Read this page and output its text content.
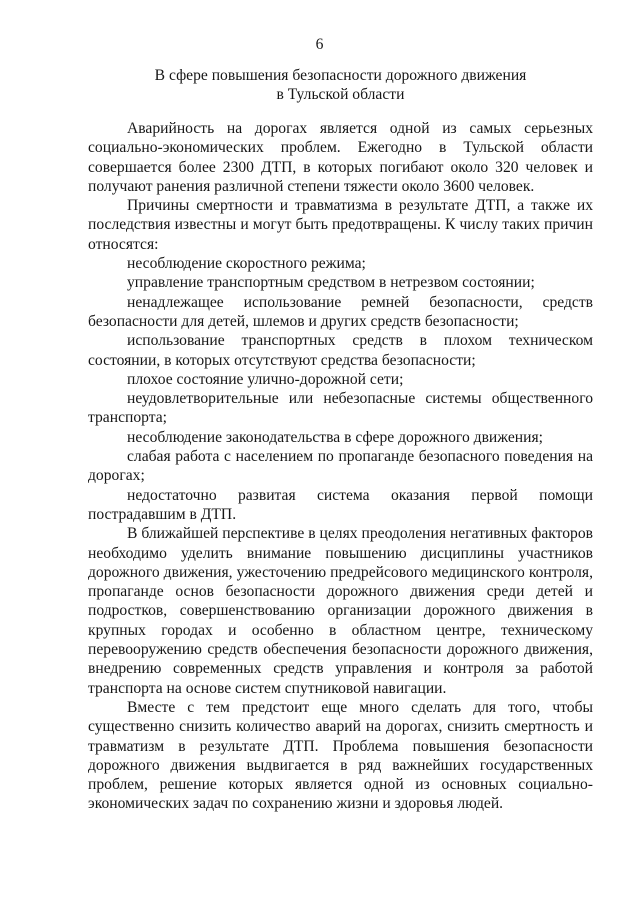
6
В сфере повышения безопасности дорожного движения
в Тульской области

Аварийность на дорогах является одной из самых серьезных социально-экономических проблем. Ежегодно в Тульской области совершается более 2300 ДТП, в которых погибают около 320 человек и получают ранения различной степени тяжести около 3600 человек.

Причины смертности и травматизма в результате ДТП, а также их последствия известны и могут быть предотвращены. К числу таких причин относятся:

несоблюдение скоростного режима;

управление транспортным средством в нетрезвом состоянии;

ненадлежащее использование ремней безопасности, средств безопасности для детей, шлемов и других средств безопасности;

использование транспортных средств в плохом техническом состоянии, в которых отсутствуют средства безопасности;

плохое состояние улично-дорожной сети;

неудовлетворительные или небезопасные системы общественного транспорта;

несоблюдение законодательства в сфере дорожного движения;

слабая работа с населением по пропаганде безопасного поведения на дорогах;

недостаточно развитая система оказания первой помощи пострадавшим в ДТП.

В ближайшей перспективе в целях преодоления негативных факторов необходимо уделить внимание повышению дисциплины участников дорожного движения, ужесточению предрейсового медицинского контроля, пропаганде основ безопасности дорожного движения среди детей и подростков, совершенствованию организации дорожного движения в крупных городах и особенно в областном центре, техническому перевооружению средств обеспечения безопасности дорожного движения, внедрению современных средств управления и контроля за работой транспорта на основе систем спутниковой навигации.

Вместе с тем предстоит еще много сделать для того, чтобы существенно снизить количество аварий на дорогах, снизить смертность и травматизм в результате ДТП. Проблема повышения безопасности дорожного движения выдвигается в ряд важнейших государственных проблем, решение которых является одной из основных социально-экономических задач по сохранению жизни и здоровья людей.
